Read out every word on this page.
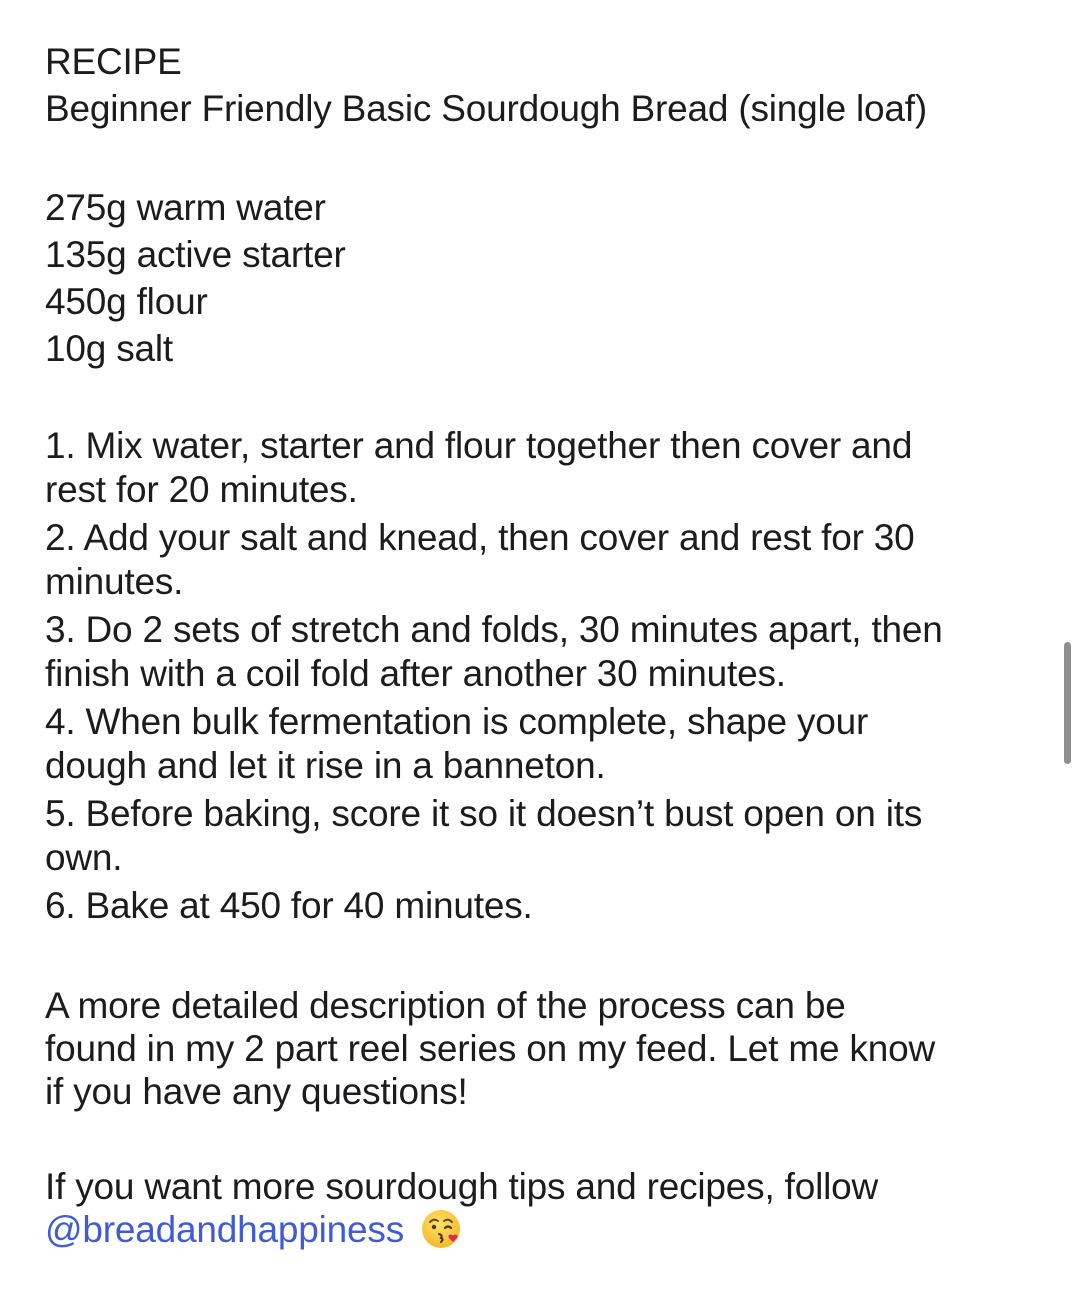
RECIPE
Beginner Friendly Basic Sourdough Bread (single loaf)
275g warm water
135g active starter
450g flour
10g salt
1. Mix water, starter and flour together then cover and
rest for 20 minutes.
2. Add your salt and knead, then cover and rest for 30
minutes.
3. Do 2 sets of stretch and folds, 30 minutes apart, then
finish with a coil fold after another 30 minutes.
4. When bulk fermentation is complete, shape your
dough and let it rise in a banneton.
5. Before baking, score it so it doesn’t bust open on its
own.
6. Bake at 450 for 40 minutes.
A more detailed description of the process can be
found in my 2 part reel series on my feed. Let me know
if you have any questions!
If you want more sourdough tips and recipes, follow
@breadandhappiness
